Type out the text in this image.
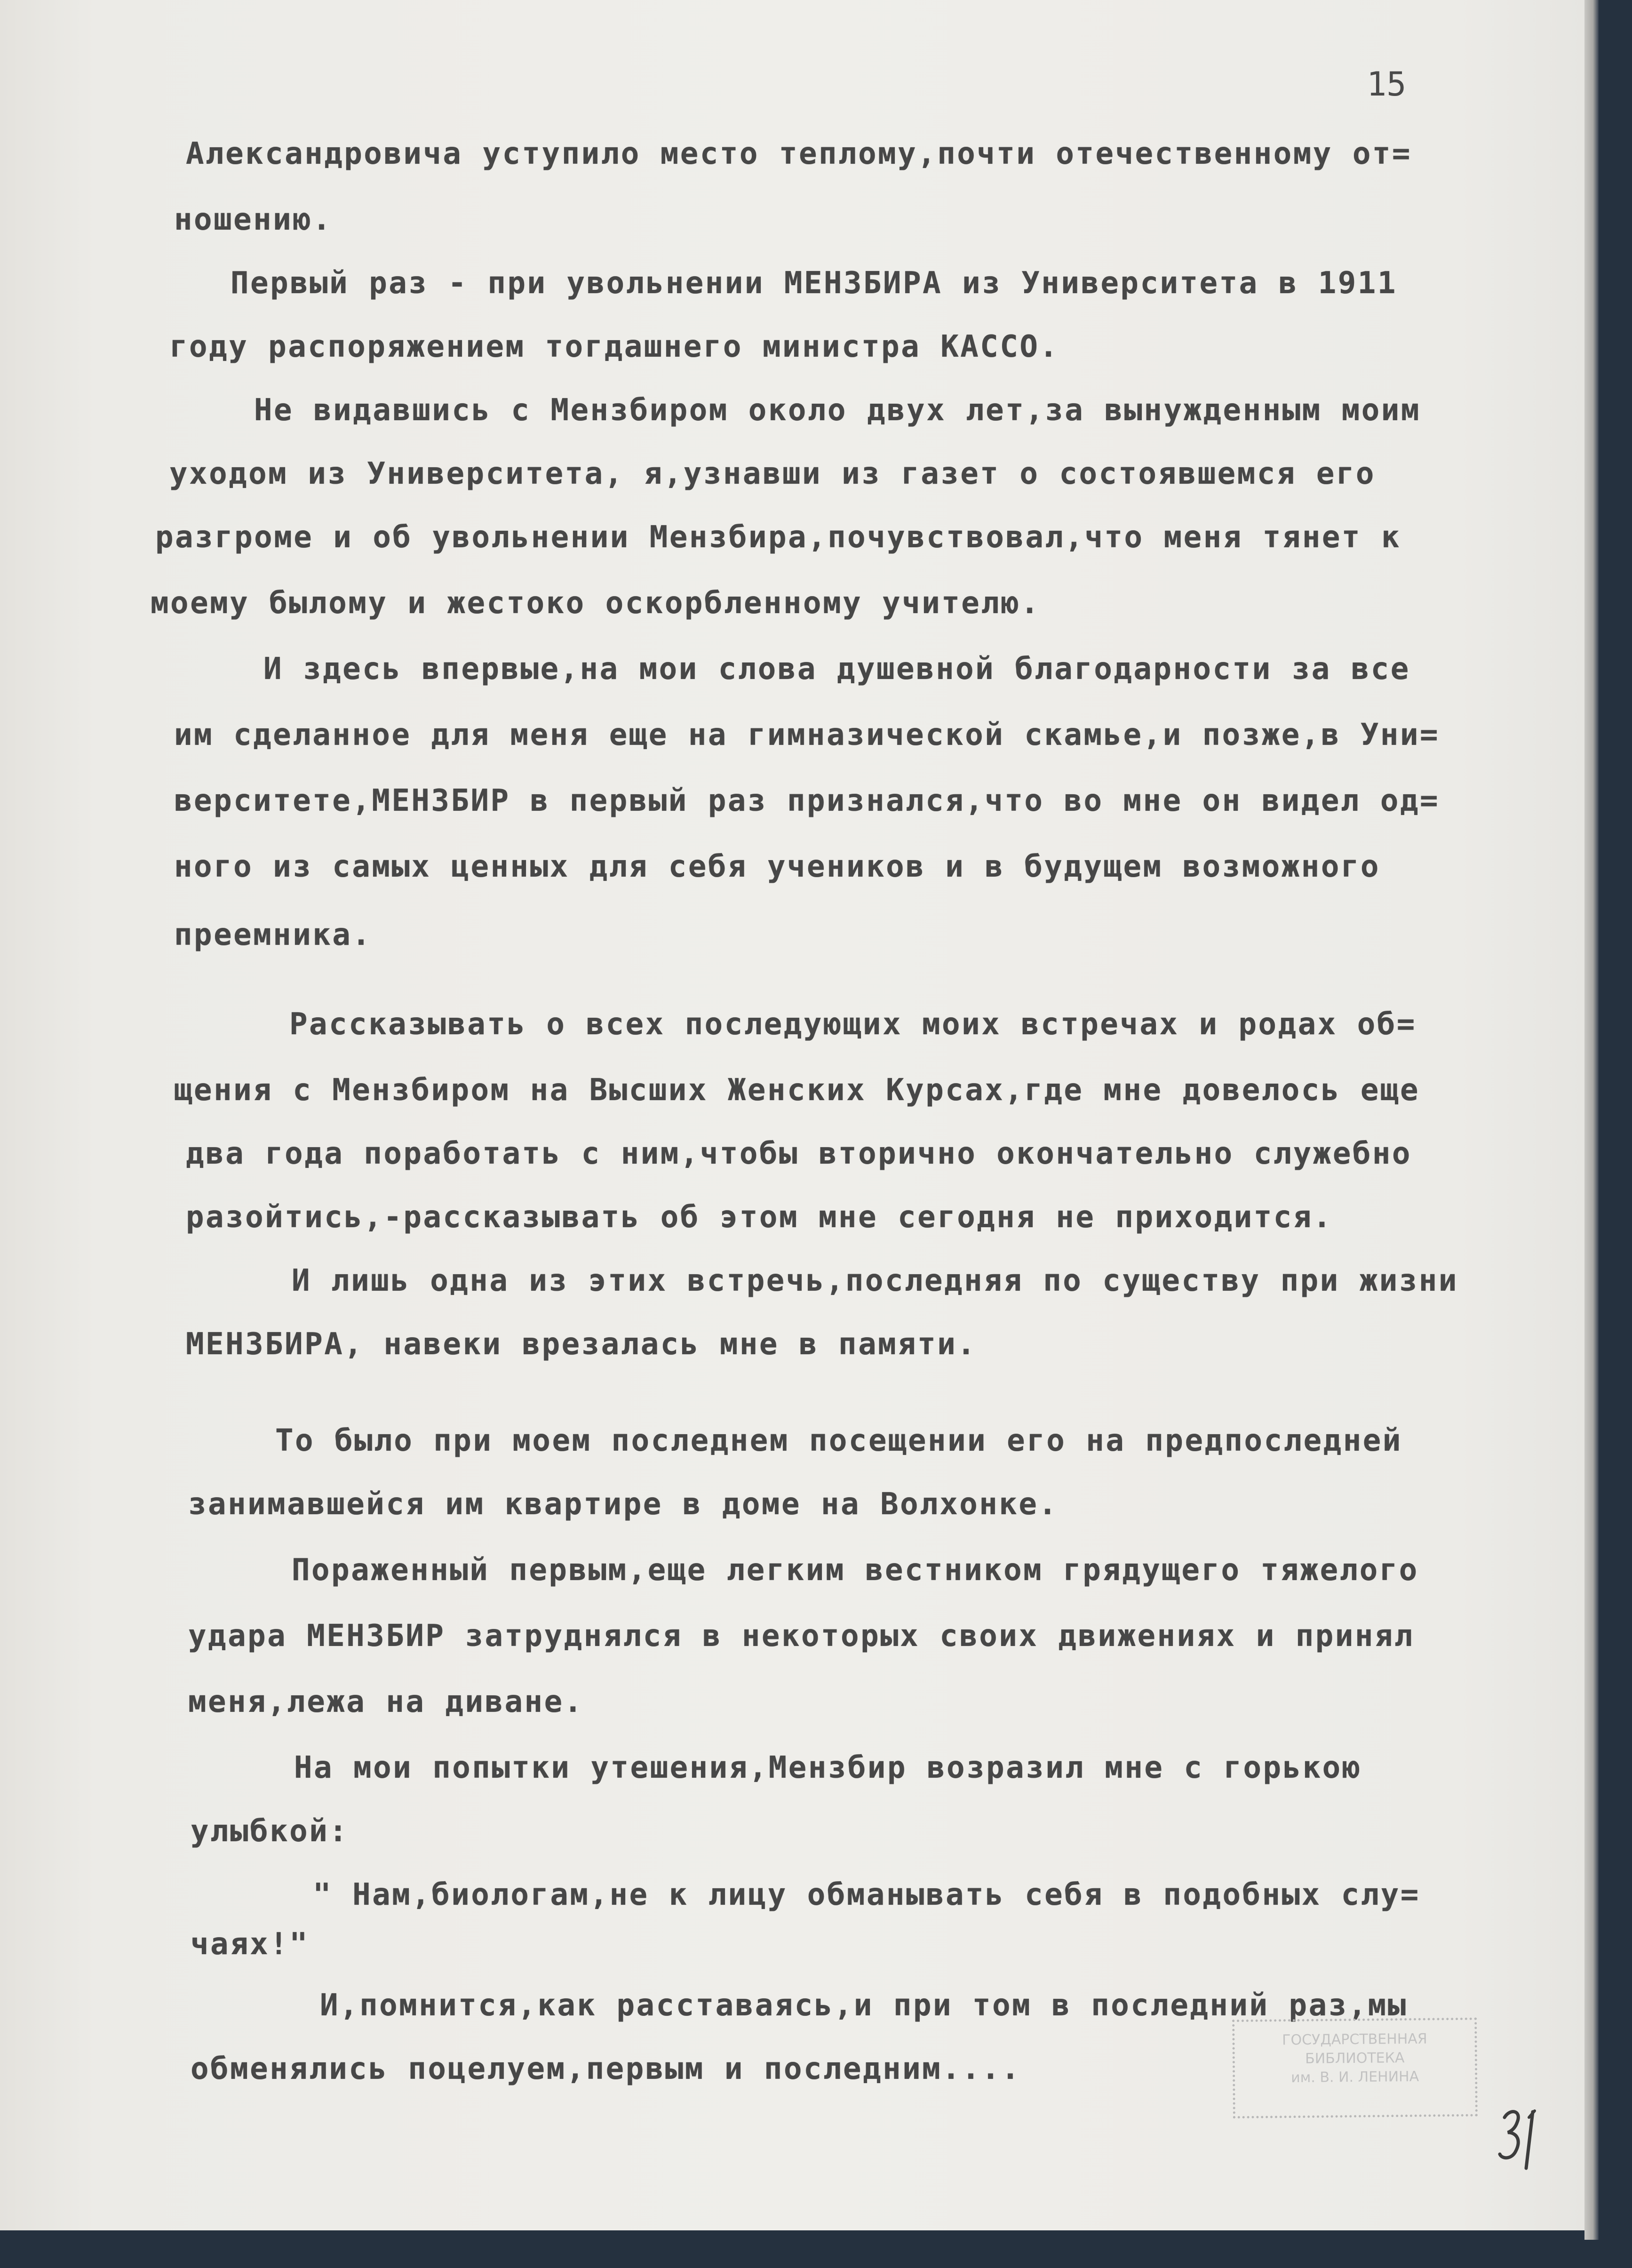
15
Александровича уступило место теплому,почти отечественному от=
ношению.
Первый раз - при увольнении МЕНЗБИРА из Университета в 1911
году распоряжением тогдашнего министра КАССО.
Не видавшись с Мензбиром около двух лет,за вынужденным моим
уходом из Университета, я,узнавши из газет о состоявшемся его
разгроме и об увольнении Мензбира,почувствовал,что меня тянет к
моему былому и жестоко оскорбленному учителю.
И здесь впервые,на мои слова душевной благодарности за все
им сделанное для меня еще на гимназической скамье,и позже,в Уни=
верситете,МЕНЗБИР в первый раз признался,что во мне он видел од=
ного из самых ценных для себя учеников и в будущем возможного
преемника.
Рассказывать о всех последующих моих встречах и родах об=
щения с Мензбиром на Высших Женских Курсах,где мне довелось еще
два года поработать с ним,чтобы вторично окончательно служебно
разойтись,-рассказывать об этом мне сегодня не приходится.
И лишь одна из этих встречь,последняя по существу при жизни
МЕНЗБИРА, навеки врезалась мне в памяти.
То было при моем последнем посещении его на предпоследней
занимавшейся им квартире в доме на Волхонке.
Пораженный первым,еще легким вестником грядущего тяжелого
удара МЕНЗБИР затруднялся в некоторых своих движениях и принял
меня,лежа на диване.
На мои попытки утешения,Мензбир возразил мне с горькою
улыбкой:
" Нам,биологам,не к лицу обманывать себя в подобных слу=
чаях!"
И,помнится,как расставаясь,и при том в последний раз,мы
обменялись поцелуем,первым и последним....
ГОСУДАРСТВЕННАЯ
БИБЛИОТЕКА
им. В. И. ЛЕНИНА
